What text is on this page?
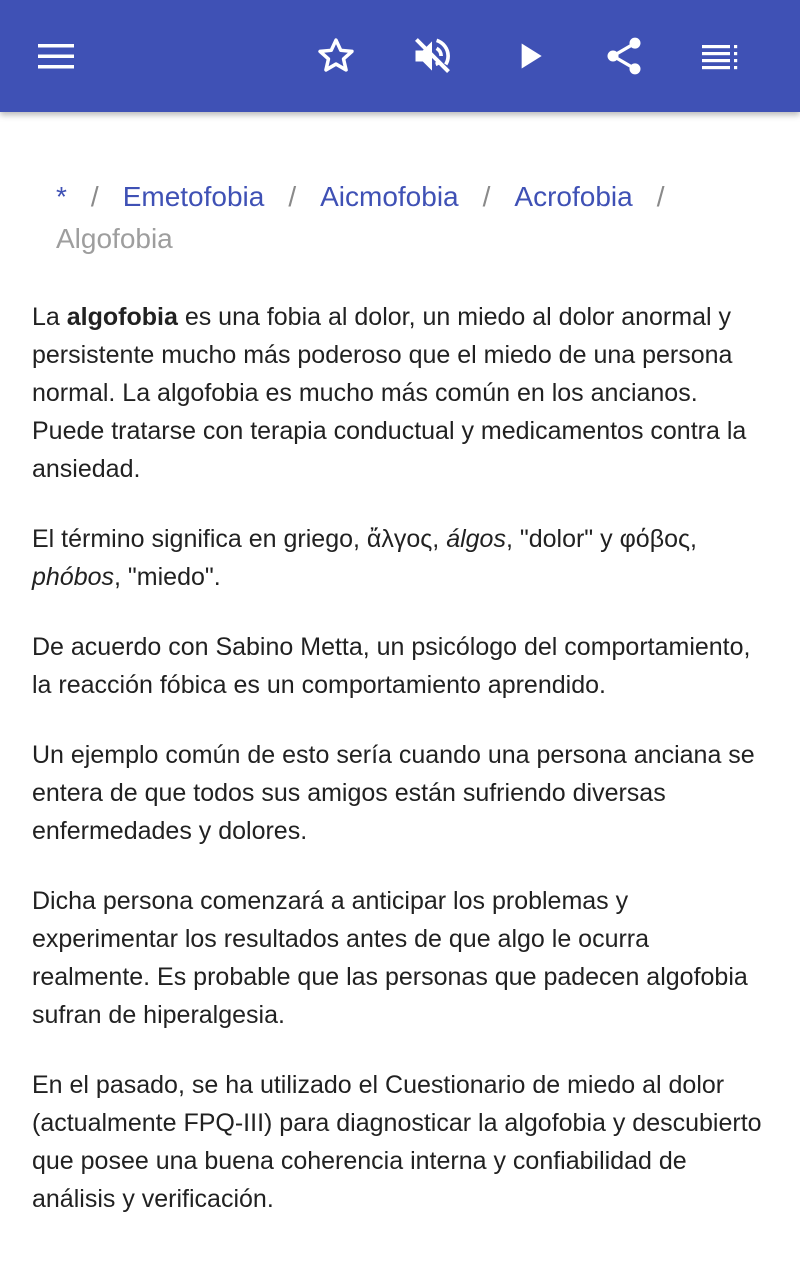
* / Emetofobia / Aicmofobia / Acrofobia /
Algofobia

La algofobia es una fobia al dolor, un miedo al dolor anormal y persistente mucho más poderoso que el miedo de una persona normal. La algofobia es mucho más común en los ancianos. Puede tratarse con terapia conductual y medicamentos contra la ansiedad.

El término significa en griego, ἄλγος, álgos, "dolor" y φόβος, phóbos, "miedo".

De acuerdo con Sabino Metta, un psicólogo del comportamiento, la reacción fóbica es un comportamiento aprendido.

Un ejemplo común de esto sería cuando una persona anciana se entera de que todos sus amigos están sufriendo diversas enfermedades y dolores.

Dicha persona comenzará a anticipar los problemas y experimentar los resultados antes de que algo le ocurra realmente. Es probable que las personas que padecen algofobia sufran de hiperalgesia.

En el pasado, se ha utilizado el Cuestionario de miedo al dolor (actualmente FPQ-III) para diagnosticar la algofobia y descubierto que posee una buena coherencia interna y confiabilidad de análisis y verificación.
